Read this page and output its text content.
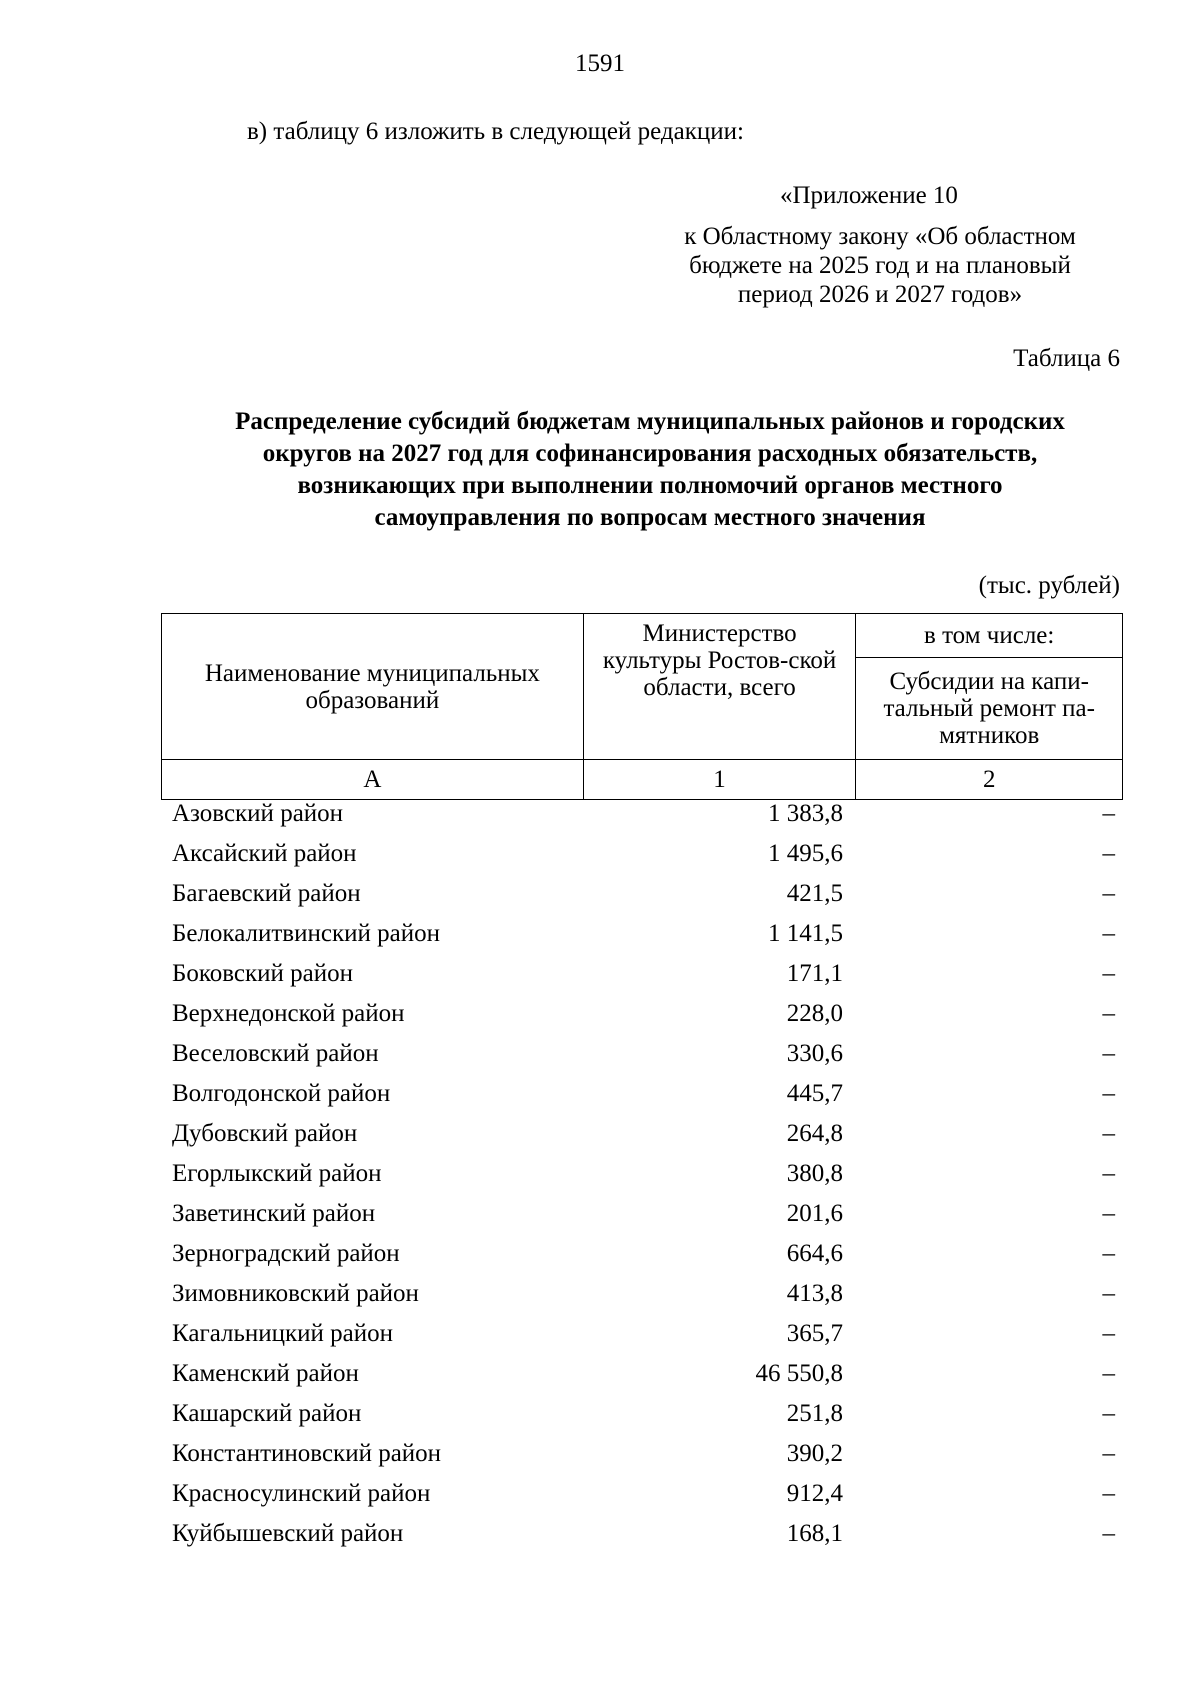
1591
в) таблицу 6 изложить в следующей редакции:
«Приложение 10
к Областному закону «Об областном
бюджете на 2025 год и на плановый
период 2026 и 2027 годов»
Таблица 6
Распределение субсидий бюджетам муниципальных районов и городских
округов на 2027 год для софинансирования расходных обязательств,
возникающих при выполнении полномочий органов местного
самоуправления по вопросам местного значения
(тыс. рублей)
Наименование муниципальных образований	Министерство культуры Ростов-ской области, всего	в том числе:
		Субсидии на капи-тальный ремонт па-мятников
А	1	2
Азовский район	1 383,8	–
Аксайский район	1 495,6	–
Багаевский район	421,5	–
Белокалитвинский район	1 141,5	–
Боковский район	171,1	–
Верхнедонской район	228,0	–
Веселовский район	330,6	–
Волгодонской район	445,7	–
Дубовский район	264,8	–
Егорлыкский район	380,8	–
Заветинский район	201,6	–
Зерноградский район	664,6	–
Зимовниковский район	413,8	–
Кагальницкий район	365,7	–
Каменский район	46 550,8	–
Кашарский район	251,8	–
Константиновский район	390,2	–
Красносулинский район	912,4	–
Куйбышевский район	168,1	–
